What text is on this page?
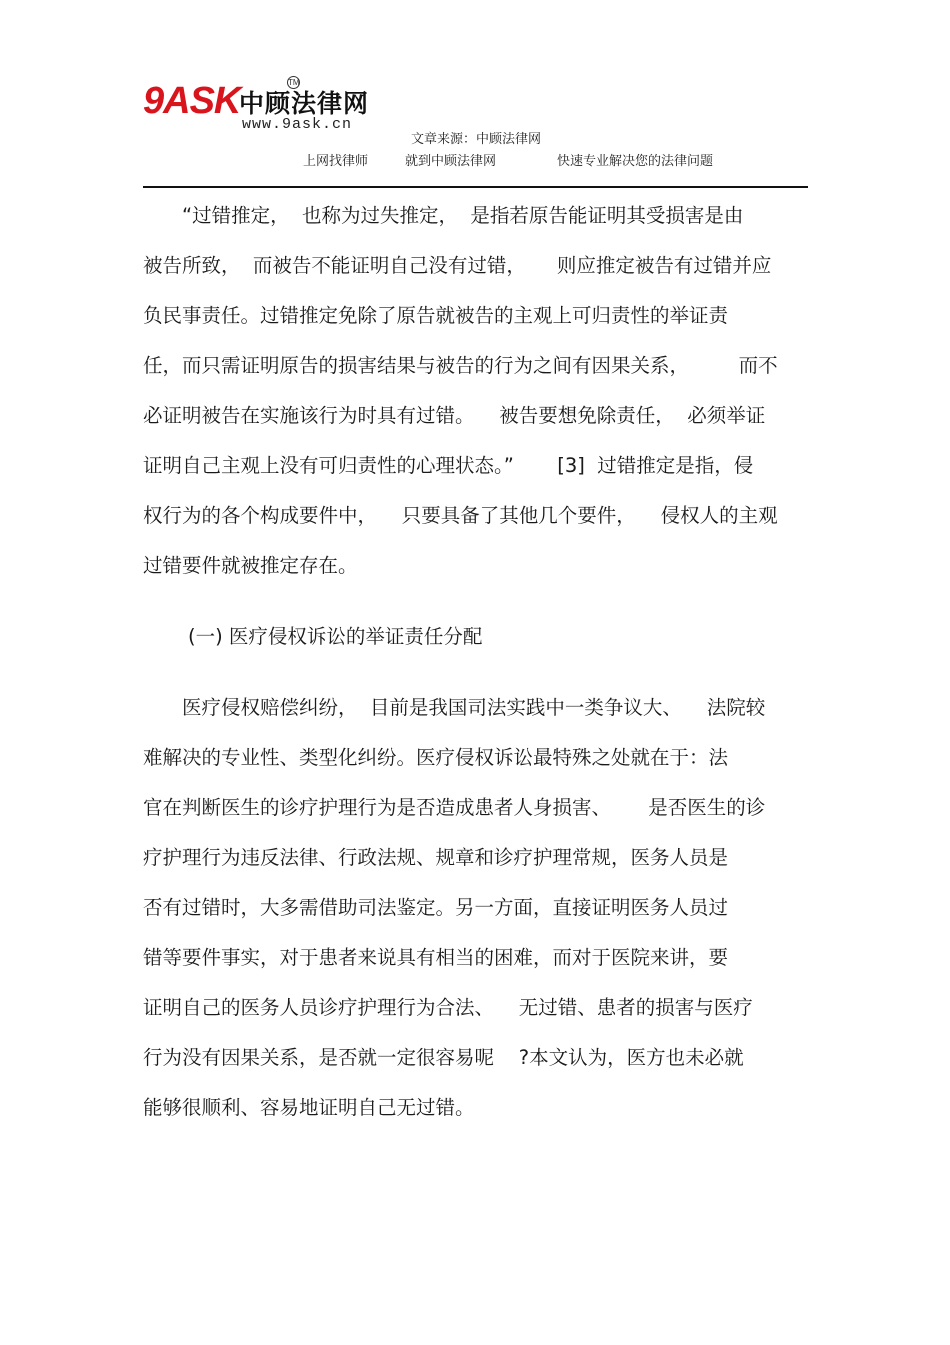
9ASK
中顾法律网
TM
www.9ask.cn
文章来源：中顾法律网
上网找律师	就到中顾法律网	快速专业解决您的法律问题
　　“过错推定，  也称为过失推定，  是指若原告能证明其受损害是由
被告所致，  而被告不能证明自己没有过错，     则应推定被告有过错并应
负民事责任。过错推定免除了原告就被告的主观上可归责性的举证责
任，而只需证明原告的损害结果与被告的行为之间有因果关系，        而不
必证明被告在实施该行为时具有过错。    被告要想免除责任，  必须举证
证明自己主观上没有可归责性的心理状态。”       [3]  过错推定是指，侵
权行为的各个构成要件中，    只要具备了其他几个要件，    侵权人的主观
过错要件就被推定存在。
(一) 医疗侵权诉讼的举证责任分配
　　医疗侵权赔偿纠纷，  目前是我国司法实践中一类争议大、    法院较
难解决的专业性、类型化纠纷。医疗侵权诉讼最特殊之处就在于：法
官在判断医生的诊疗护理行为是否造成患者人身损害、      是否医生的诊
疗护理行为违反法律、行政法规、规章和诊疗护理常规，医务人员是
否有过错时，大多需借助司法鉴定。另一方面，直接证明医务人员过
错等要件事实，对于患者来说具有相当的困难，而对于医院来讲，要
证明自己的医务人员诊疗护理行为合法、    无过错、患者的损害与医疗
行为没有因果关系，是否就一定很容易呢    ?本文认为，医方也未必就
能够很顺利、容易地证明自己无过错。
